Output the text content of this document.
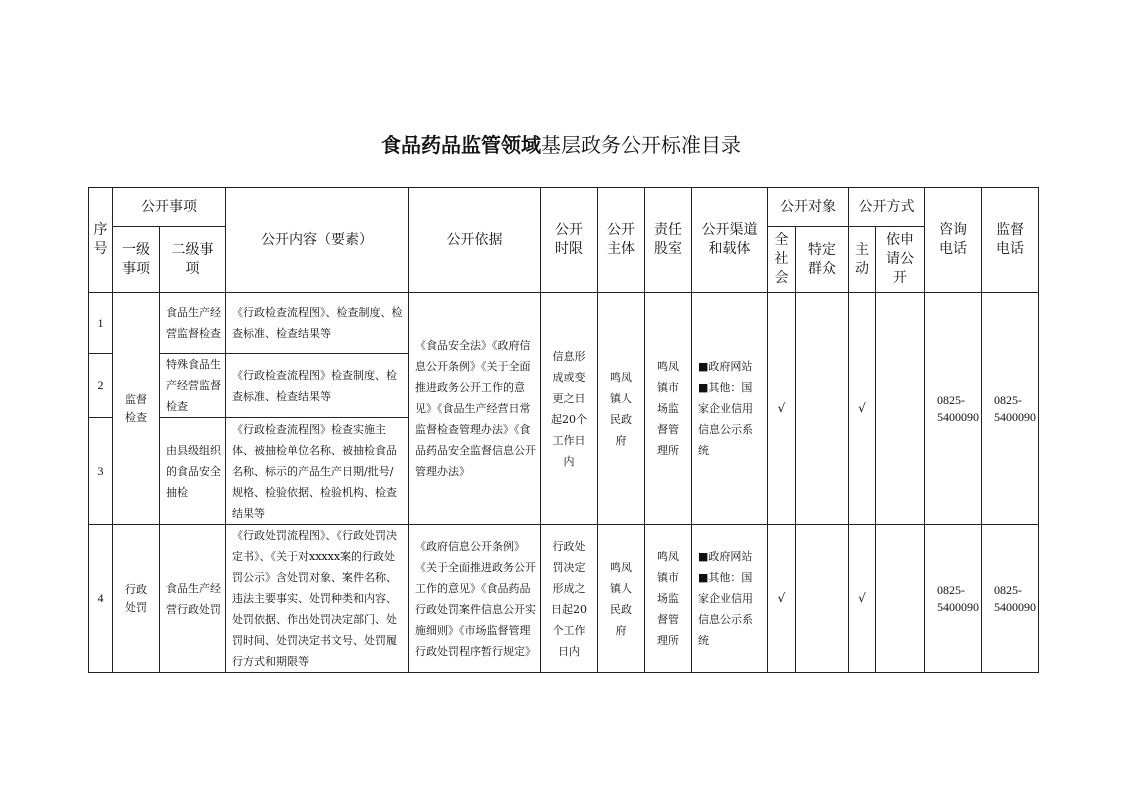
食品药品监管领域基层政务公开标准目录
序号	公开事项		公开内容（要素）	公开依据	公开时限	公开主体	责任股室	公开渠道和载体	公开对象		公开方式		咨询电话	监督电话
	一级事项	二级事项							全社会	特定群众	主动	依申请公开		
1	监督检查	食品生产经营监督检查	《行政检查流程图》、检查制度、检查标准、检查结果等	《食品安全法》《政府信息公开条例》《关于全面推进政务公开工作的意见》《食品生产经营日常监督检查管理办法》《食品药品安全监督信息公开管理办法》	信息形成或变更之日起20个工作日内	鸣凤镇人民政府	鸣凤镇市场监督管理所	■政府网站
■其他：国家企业信用信息公示系统	√		√		0825-5400090	0825-5400090
2		特殊食品生产经营监督检查	《行政检查流程图》检查制度、检查标准、检查结果等											
3		由县级组织的食品安全抽检	《行政检查流程图》检查实施主体、被抽检单位名称、被抽检食品名称、标示的产品生产日期/批号/规格、检验依据、检验机构、检查结果等											
4	行政处罚	食品生产经营行政处罚	《行政处罚流程图》、《行政处罚决定书》、《关于对xxxxx案的行政处罚公示》含处罚对象、案件名称、违法主要事实、处罚种类和内容、处罚依据、作出处罚决定部门、处罚时间、处罚决定书文号、处罚履行方式和期限等	《政府信息公开条例》《关于全面推进政务公开工作的意见》《食品药品行政处罚案件信息公开实施细则》《市场监督管理行政处罚程序暂行规定》	行政处罚决定形成之日起20个工作日内	鸣凤镇人民政府	鸣凤镇市场监督管理所	■政府网站
■其他：国家企业信用信息公示系统	√		√		0825-5400090	0825-5400090
